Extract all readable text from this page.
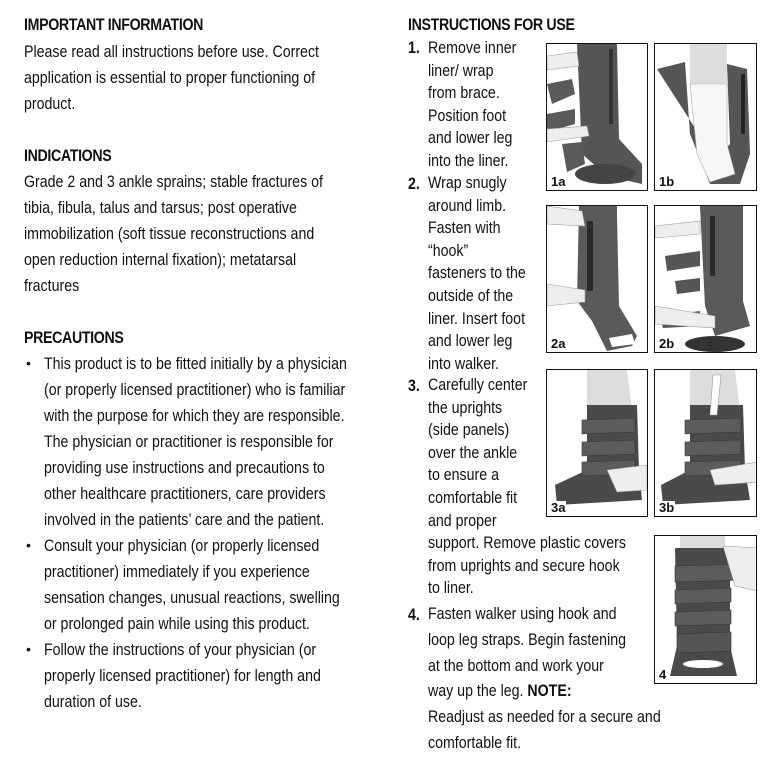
IMPORTANT INFORMATION
Please read all instructions before use. Correct
application is essential to proper functioning of
product.
INDICATIONS
Grade 2 and 3 ankle sprains; stable fractures of
tibia, fibula, talus and tarsus; post operative
immobilization (soft tissue reconstructions and
open reduction internal fixation); metatarsal
fractures
PRECAUTIONS
• This product is to be fitted initially by a physician
(or properly licensed practitioner) who is familiar
with the purpose for which they are responsible.
The physician or practitioner is responsible for
providing use instructions and precautions to
other healthcare practitioners, care providers
involved in the patients’ care and the patient.
• Consult your physician (or properly licensed
practitioner) immediately if you experience
sensation changes, unusual reactions, swelling
or prolonged pain while using this product.
• Follow the instructions of your physician (or
properly licensed practitioner) for length and
duration of use.
INSTRUCTIONS FOR USE
1. Remove inner
liner/ wrap
from brace.
Position foot
and lower leg
into the liner.
2. Wrap snugly
around limb.
Fasten with
“hook”
fasteners to the
outside of the
liner. Insert foot
and lower leg
into walker.
3. Carefully center
the uprights
(side panels)
over the ankle
to ensure a
comfortable fit
and proper
support. Remove plastic covers
from uprights and secure hook
to liner.
4. Fasten walker using hook and
loop leg straps. Begin fastening
at the bottom and work your
way up the leg. NOTE:
Readjust as needed for a secure and
comfortable fit.
1a	1b
2a	2b
3a	3b
4
